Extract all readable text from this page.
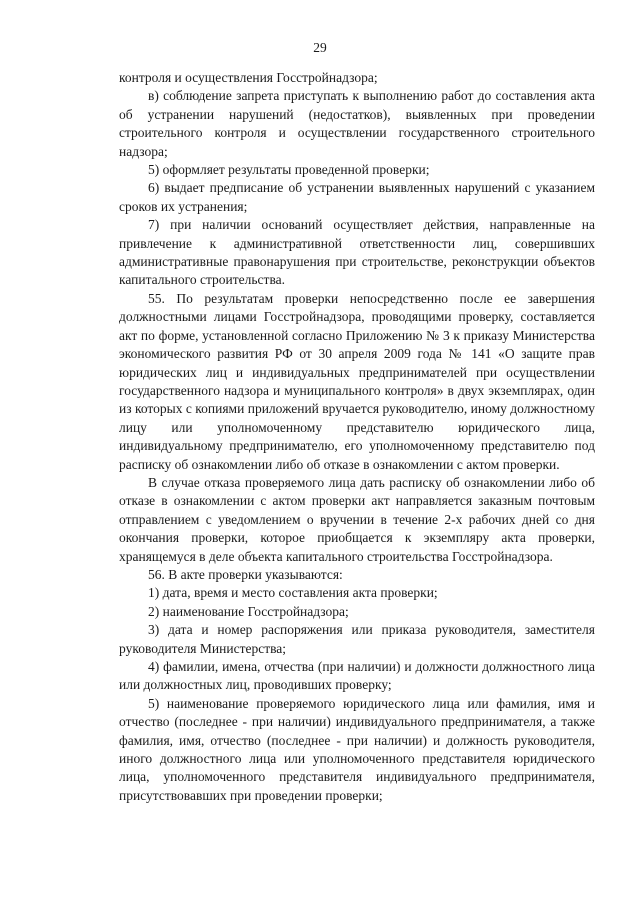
29

контроля и осуществления Госстройнадзора;

в) соблюдение запрета приступать к выполнению работ до составления акта об устранении нарушений (недостатков), выявленных при проведении строительного контроля и осуществлении государственного строительного надзора;

5) оформляет результаты проведенной проверки;

6) выдает предписание об устранении выявленных нарушений с указанием сроков их устранения;

7) при наличии оснований осуществляет действия, направленные на привлечение к административной ответственности лиц, совершивших административные правонарушения при строительстве, реконструкции объектов капитального строительства.

55. По результатам проверки непосредственно после ее завершения должностными лицами Госстройнадзора, проводящими проверку, составляется акт по форме, установленной согласно Приложению № 3 к приказу Министерства экономического развития РФ от 30 апреля 2009 года № 141 «О защите прав юридических лиц и индивидуальных предпринимателей при осуществлении государственного надзора и муниципального контроля» в двух экземплярах, один из которых с копиями приложений вручается руководителю, иному должностному лицу или уполномоченному представителю юридического лица, индивидуальному предпринимателю, его уполномоченному представителю под расписку об ознакомлении либо об отказе в ознакомлении с актом проверки.

В случае отказа проверяемого лица дать расписку об ознакомлении либо об отказе в ознакомлении с актом проверки акт направляется заказным почтовым отправлением с уведомлением о вручении в течение 2-х рабочих дней со дня окончания проверки, которое приобщается к экземпляру акта проверки, хранящемуся в деле объекта капитального строительства Госстройнадзора.

56. В акте проверки указываются:

1) дата, время и место составления акта проверки;

2) наименование Госстройнадзора;

3) дата и номер распоряжения или приказа руководителя, заместителя руководителя Министерства;

4) фамилии, имена, отчества (при наличии) и должности должностного лица или должностных лиц, проводивших проверку;

5) наименование проверяемого юридического лица или фамилия, имя и отчество (последнее - при наличии) индивидуального предпринимателя, а также фамилия, имя, отчество (последнее - при наличии) и должность руководителя, иного должностного лица или уполномоченного представителя юридического лица, уполномоченного представителя индивидуального предпринимателя, присутствовавших при проведении проверки;
